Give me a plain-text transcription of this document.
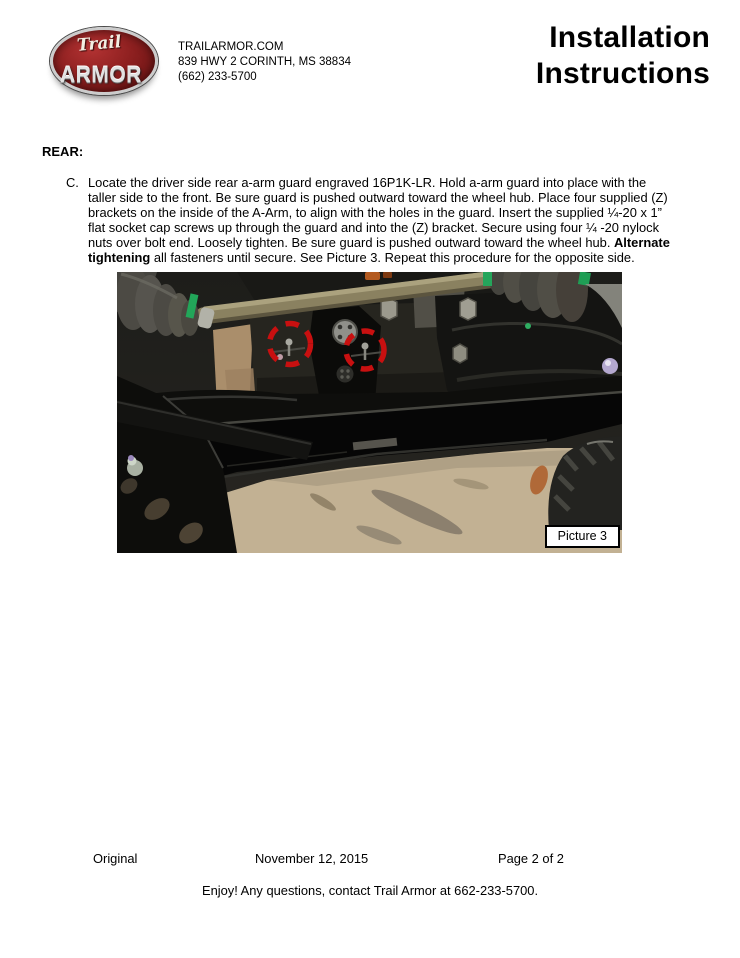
Trail
ARMOR
TRAILARMOR.COM
839 HWY 2 CORINTH, MS 38834
(662) 233-5700
Installation
Instructions
REAR:
C. Locate the driver side rear a-arm guard engraved 16P1K-LR. Hold a-arm guard into place with the taller side to the front. Be sure guard is pushed outward toward the wheel hub. Place four supplied (Z) brackets on the inside of the A-Arm, to align with the holes in the guard. Insert the supplied ¼-20 x 1” flat socket cap screws up through the guard and into the (Z) bracket. Secure using four ¼ -20 nylock nuts over bolt end. Loosely tighten. Be sure guard is pushed outward toward the wheel hub. Alternate tightening all fasteners until secure. See Picture 3. Repeat this procedure for the opposite side.

Picture 3
Original	November 12, 2015	Page 2 of 2
Enjoy! Any questions, contact Trail Armor at 662-233-5700.
